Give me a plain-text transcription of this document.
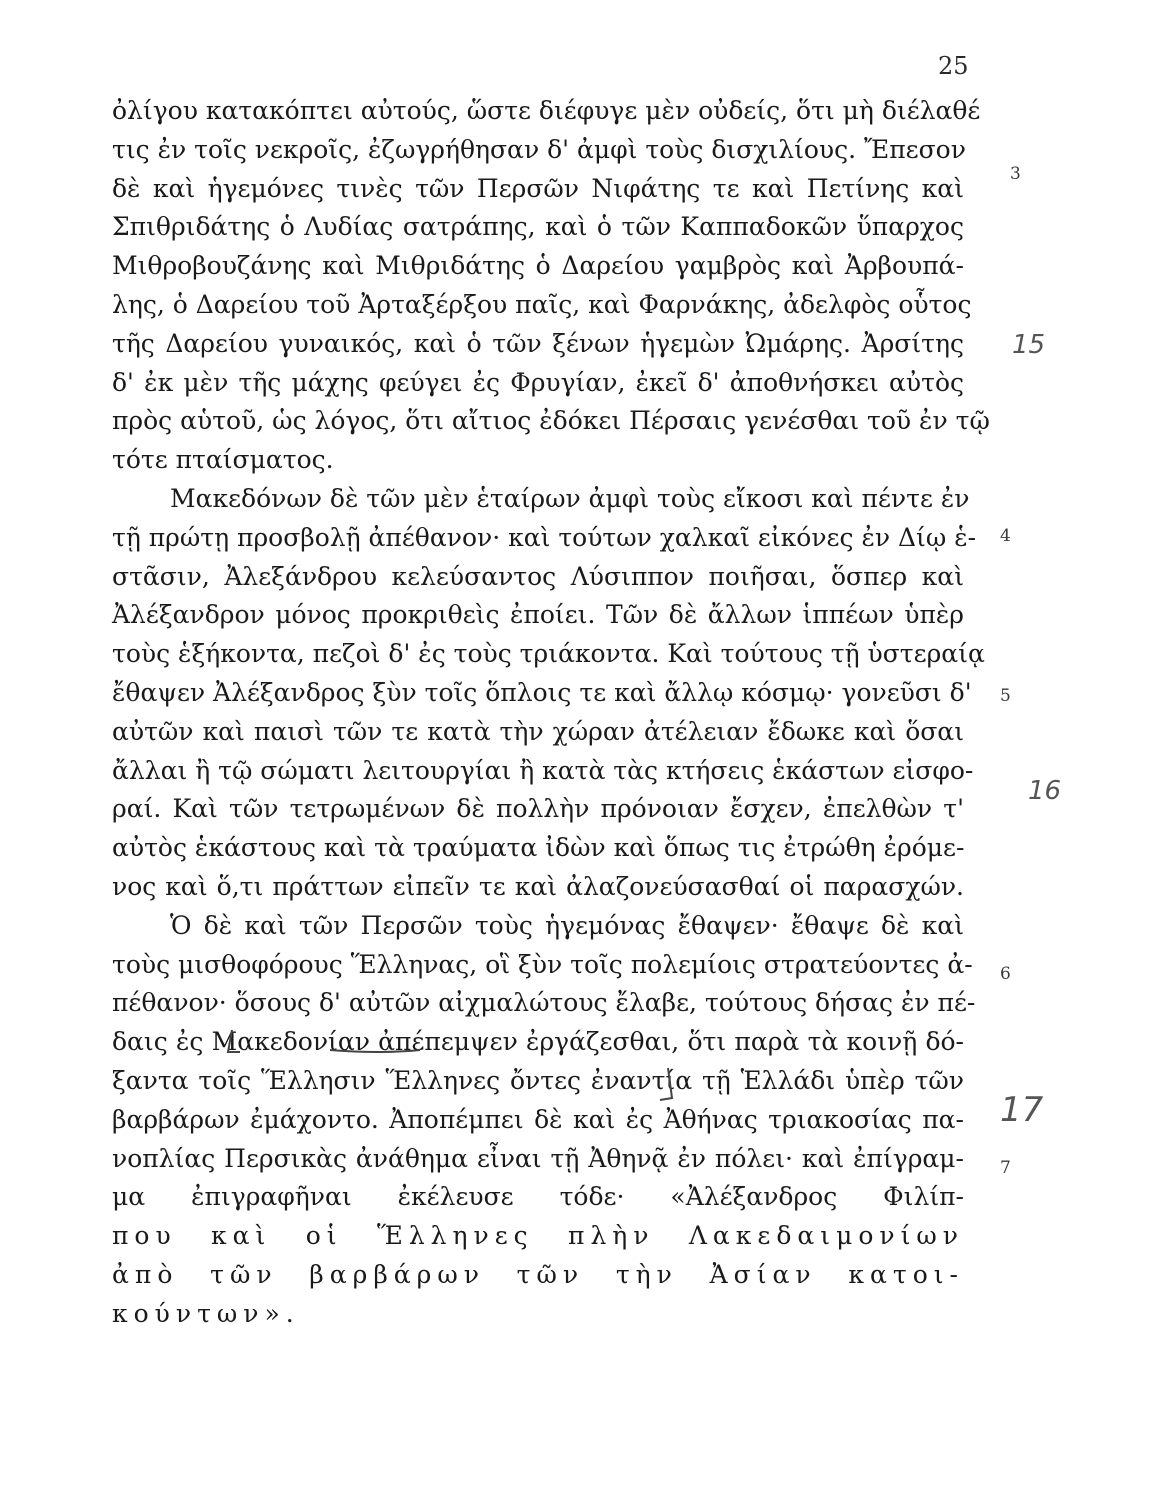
25
ὀλίγου κατακόπτει αὐτούς, ὥστε διέφυγε μὲν οὐδείς, ὅτι μὴ διέλαθέ
τις ἐν τοῖς νεκροῖς, ἐζωγρήθησαν δ' ἀμφὶ τοὺς δισχιλίους. Ἔπεσον
δὲ καὶ ἡγεμόνες τινὲς τῶν Περσῶν Νιφάτης τε καὶ Πετίνης καὶ
Σπιθριδάτης ὁ Λυδίας σατράπης, καὶ ὁ τῶν Καππαδοκῶν ὕπαρχος
Μιθροβουζάνης καὶ Μιθριδάτης ὁ Δαρείου γαμβρὸς καὶ Ἀρβουπά-
λης, ὁ Δαρείου τοῦ Ἀρταξέρξου παῖς, καὶ Φαρνάκης, ἀδελφὸς οὗτος
τῆς Δαρείου γυναικός, καὶ ὁ τῶν ξένων ἡγεμὼν Ὠμάρης. Ἀρσίτης
δ' ἐκ μὲν τῆς μάχης φεύγει ἐς Φρυγίαν, ἐκεῖ δ' ἀποθνήσκει αὐτὸς
πρὸς αὑτοῦ, ὡς λόγος, ὅτι αἴτιος ἐδόκει Πέρσαις γενέσθαι τοῦ ἐν τῷ
τότε πταίσματος.
Μακεδόνων δὲ τῶν μὲν ἑταίρων ἀμφὶ τοὺς εἴκοσι καὶ πέντε ἐν
τῇ πρώτῃ προσβολῇ ἀπέθανον· καὶ τούτων χαλκαῖ εἰκόνες ἐν Δίῳ ἑ-
στᾶσιν, Ἀλεξάνδρου κελεύσαντος Λύσιππον ποιῆσαι, ὅσπερ καὶ
Ἀλέξανδρον μόνος προκριθεὶς ἐποίει. Τῶν δὲ ἄλλων ἱππέων ὑπὲρ
τοὺς ἑξήκοντα, πεζοὶ δ' ἐς τοὺς τριάκοντα. Καὶ τούτους τῇ ὑστεραίᾳ
ἔθαψεν Ἀλέξανδρος ξὺν τοῖς ὅπλοις τε καὶ ἄλλῳ κόσμῳ· γονεῦσι δ'
αὐτῶν καὶ παισὶ τῶν τε κατὰ τὴν χώραν ἀτέλειαν ἔδωκε καὶ ὅσαι
ἄλλαι ἢ τῷ σώματι λειτουργίαι ἢ κατὰ τὰς κτήσεις ἑκάστων εἰσφο-
ραί. Καὶ τῶν τετρωμένων δὲ πολλὴν πρόνοιαν ἔσχεν, ἐπελθὼν τ'
αὐτὸς ἑκάστους καὶ τὰ τραύματα ἰδὼν καὶ ὅπως τις ἐτρώθη ἐρόμε-
νος καὶ ὅ,τι πράττων εἰπεῖν τε καὶ ἀλαζονεύσασθαί οἱ παρασχών.
Ὁ δὲ καὶ τῶν Περσῶν τοὺς ἡγεμόνας ἔθαψεν· ἔθαψε δὲ καὶ
τοὺς μισθοφόρους Ἕλληνας, οἳ ξὺν τοῖς πολεμίοις στρατεύοντες ἀ-
πέθανον· ὅσους δ' αὐτῶν αἰχμαλώτους ἔλαβε, τούτους δήσας ἐν πέ-
δαις ἐς Μακεδονίαν ἀπέπεμψεν ἐργάζεσθαι, ὅτι παρὰ τὰ κοινῇ δό-
ξαντα τοῖς Ἕλλησιν Ἕλληνες ὄντες ἐναντία τῇ Ἑλλάδι ὑπὲρ τῶν
βαρβάρων ἐμάχοντο. Ἀποπέμπει δὲ καὶ ἐς Ἀθήνας τριακοσίας πα-
νοπλίας Περσικὰς ἀνάθημα εἶναι τῇ Ἀθηνᾷ ἐν πόλει· καὶ ἐπίγραμ-
μα ἐπιγραφῆναι ἐκέλευσε τόδε· «Ἀλέξανδρος Φιλίπ-
που καὶ οἱ Ἕλληνες πλὴν Λακεδαιμονίων
ἀπὸ τῶν βαρβάρων τῶν τὴν Ἀσίαν κατοι-
κούντων».
3
4
5
6
7
15
16
17
